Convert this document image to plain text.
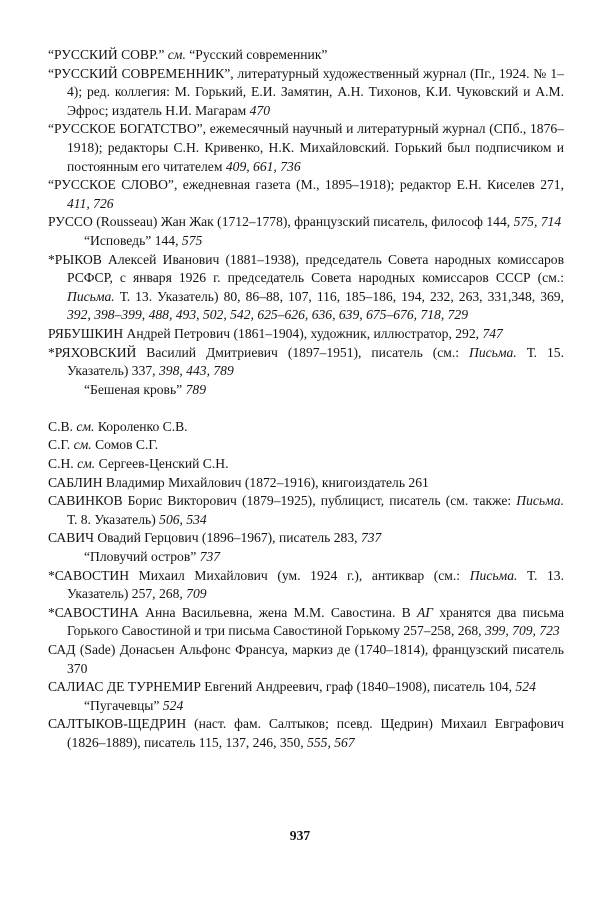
“РУССКИЙ СОВР.” см. “Русский современник”
“РУССКИЙ СОВРЕМЕННИК”, литературный художественный журнал (Пг., 1924. № 1–4); ред. коллегия: М. Горький, Е.И. Замятин, А.Н. Тихонов, К.И. Чуковский и А.М. Эфрос; издатель Н.И. Магарам 470
“РУССКОЕ БОГАТСТВО”, ежемесячный научный и литературный журнал (СПб., 1876–1918); редакторы С.Н. Кривенко, Н.К. Михайловский. Горький был подписчиком и постоянным его читателем 409, 661, 736
“РУССКОЕ СЛОВО”, ежедневная газета (М., 1895–1918); редактор Е.Н. Киселев 271, 411, 726
РУССО (Rousseau) Жан Жак (1712–1778), французский писатель, философ 144, 575, 714
“Исповедь” 144, 575
*РЫКОВ Алексей Иванович (1881–1938), председатель Совета народных комиссаров РСФСР, с января 1926 г. председатель Совета народных комиссаров СССР (см.: Письма. Т. 13. Указатель) 80, 86–88, 107, 116, 185–186, 194, 232, 263, 331,348, 369, 392, 398–399, 488, 493, 502, 542, 625–626, 636, 639, 675–676, 718, 729
РЯБУШКИН Андрей Петрович (1861–1904), художник, иллюстратор, 292, 747
*РЯХОВСКИЙ Василий Дмитриевич (1897–1951), писатель (см.: Письма. Т. 15. Указатель) 337, 398, 443, 789
“Бешеная кровь” 789
С.В. см. Короленко С.В.
С.Г. см. Сомов С.Г.
С.Н. см. Сергеев-Ценский С.Н.
САБЛИН Владимир Михайлович (1872–1916), книгоиздатель 261
САВИНКОВ Борис Викторович (1879–1925), публицист, писатель (см. также: Письма. Т. 8. Указатель) 506, 534
САВИЧ Овадий Герцович (1896–1967), писатель 283, 737
“Пловучий остров” 737
*САВОСТИН Михаил Михайлович (ум. 1924 г.), антиквар (см.: Письма. Т. 13. Указатель) 257, 268, 709
*САВОСТИНА Анна Васильевна, жена М.М. Савостина. В АГ хранятся два письма Горького Савостиной и три письма Савостиной Горькому 257–258, 268, 399, 709, 723
САД (Sade) Донасьен Альфонс Франсуа, маркиз де (1740–1814), французский писатель 370
САЛИАС ДЕ ТУРНЕМИР Евгений Андреевич, граф (1840–1908), писатель 104, 524
“Пугачевцы” 524
САЛТЫКОВ-ЩЕДРИН (наст. фам. Салтыков; псевд. Щедрин) Михаил Евграфович (1826–1889), писатель 115, 137, 246, 350, 555, 567
937
